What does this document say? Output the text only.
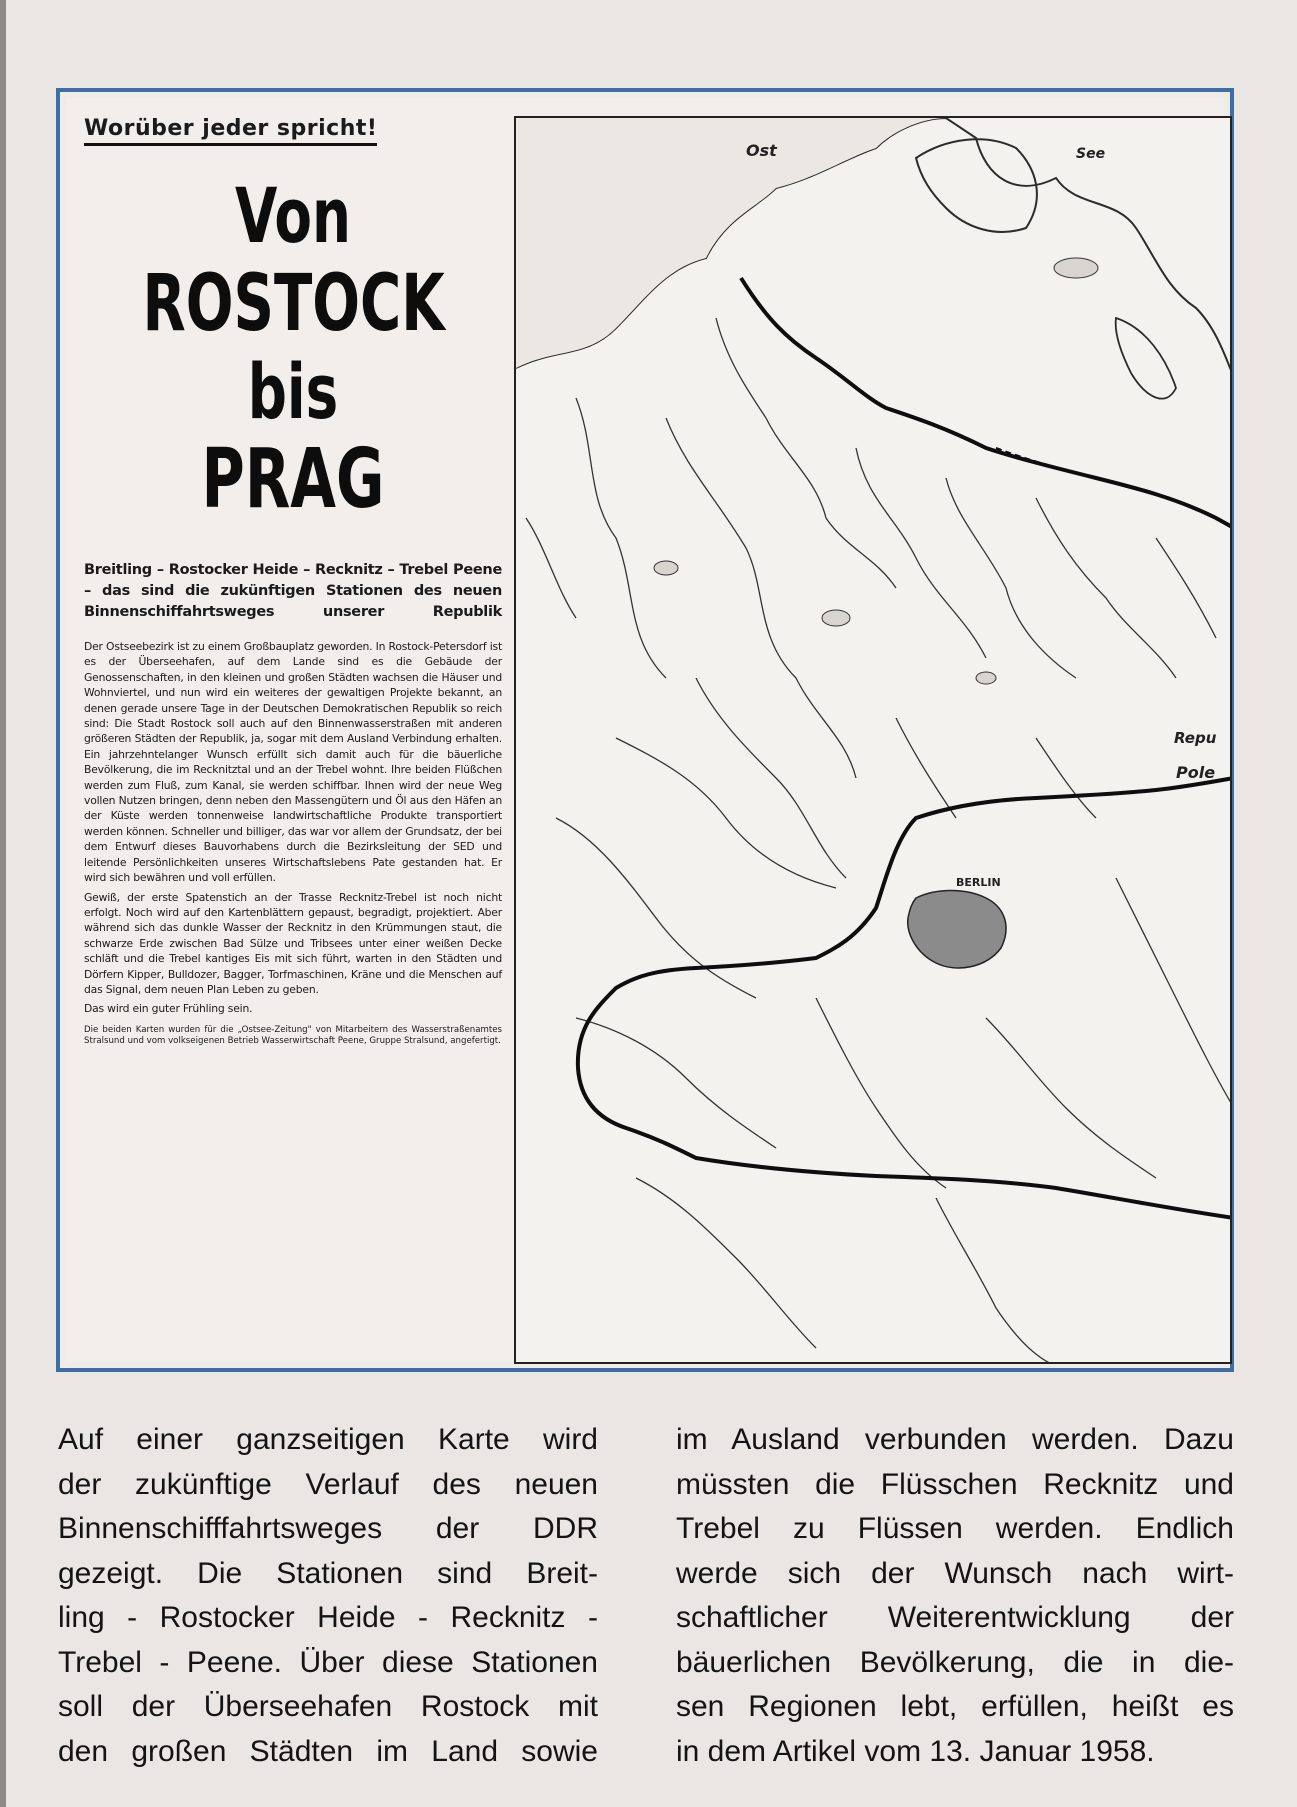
Worüber jeder spricht!
Von
ROSTOCK
bis
PRAG
Breitling – Rostocker Heide – Recknitz – Trebel Peene – das sind die zukünftigen Stationen des neuen Binnenschiffahrtsweges unserer Republik

Der Ostseebezirk ist zu einem Großbauplatz geworden. In Rostock-Petersdorf ist es der Überseehafen, auf dem Lande sind es die Gebäude der Genossenschaften, in den kleinen und großen Städten wachsen die Häuser und Wohnviertel, und nun wird ein weiteres der gewaltigen Projekte bekannt, an denen gerade unsere Tage in der Deutschen Demokratischen Republik so reich sind: Die Stadt Rostock soll auch auf den Binnenwasserstraßen mit anderen größeren Städten der Republik, ja, sogar mit dem Ausland Verbindung erhalten. Ein jahrzehntelanger Wunsch erfüllt sich damit auch für die bäuerliche Bevölkerung, die im Recknitztal und an der Trebel wohnt. Ihre beiden Flüßchen werden zum Fluß, zum Kanal, sie werden schiffbar. Ihnen wird der neue Weg vollen Nutzen bringen, denn neben den Massengütern und Öl aus den Häfen an der Küste werden tonnenweise landwirtschaftliche Produkte transportiert werden können. Schneller und billiger, das war vor allem der Grundsatz, der bei dem Entwurf dieses Bauvorhabens durch die Bezirksleitung der SED und leitende Persönlichkeiten unseres Wirtschaftslebens Pate gestanden hat. Er wird sich bewähren und voll erfüllen.

Gewiß, der erste Spatenstich an der Trasse Recknitz-Trebel ist noch nicht erfolgt. Noch wird auf den Kartenblättern gepaust, begradigt, projektiert. Aber während sich das dunkle Wasser der Recknitz in den Krümmungen staut, die schwarze Erde zwischen Bad Sülze und Tribsees unter einer weißen Decke schläft und die Trebel kantiges Eis mit sich führt, warten in den Städten und Dörfern Kipper, Bulldozer, Bagger, Torfmaschinen, Kräne und die Menschen auf das Signal, dem neuen Plan Leben zu geben.

Das wird ein guter Frühling sein.

Die beiden Karten wurden für die „Ostsee-Zeitung" von Mitarbeitern des Wasserstraßenamtes Stralsund und vom volkseigenen Betrieb Wasserwirtschaft Peene, Gruppe Stralsund, angefertigt.
Ost	See
BERLIN
Repu
Pole
Auf einer ganzseitigen Karte wird
der zukünftige Verlauf des neuen
Binnenschifffahrtsweges der DDR
gezeigt. Die Stationen sind Breit-
ling - Rostocker Heide - Recknitz -
Trebel - Peene. Über diese Stationen
soll der Überseehafen Rostock mit
den großen Städten im Land sowie
im Ausland verbunden werden. Dazu
müssten die Flüsschen Recknitz und
Trebel zu Flüssen werden. Endlich
werde sich der Wunsch nach wirt-
schaftlicher Weiterentwicklung der
bäuerlichen Bevölkerung, die in die-
sen Regionen lebt, erfüllen, heißt es
in dem Artikel vom 13. Januar 1958.
